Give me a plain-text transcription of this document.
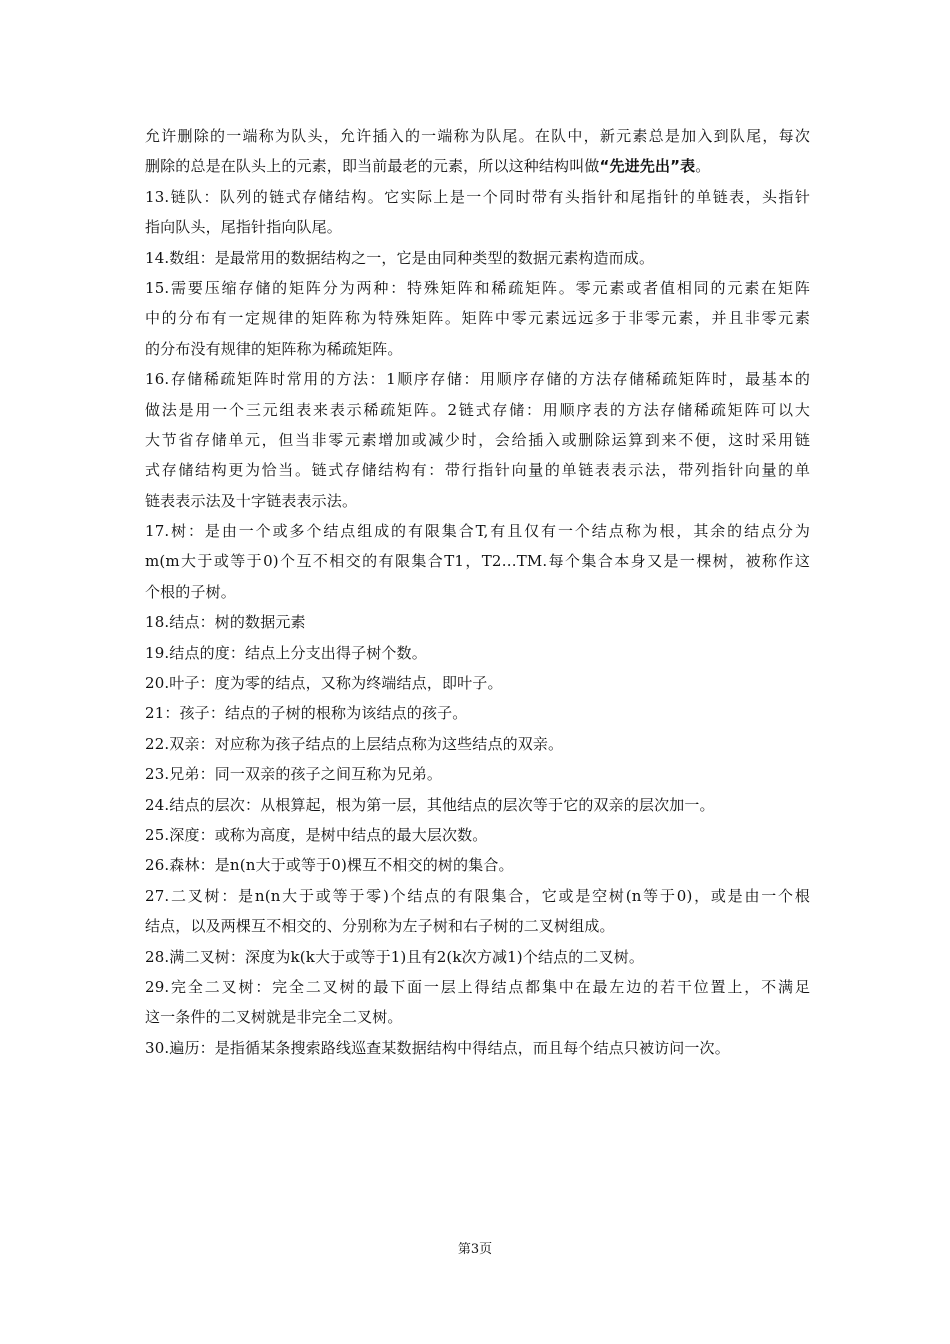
允许删除的一端称为队头，允许插入的一端称为队尾。在队中，新元素总是加入到队尾，每次
删除的总是在队头上的元素，即当前最老的元素，所以这种结构叫做“先进先出”表。
13.链队：队列的链式存储结构。它实际上是一个同时带有头指针和尾指针的单链表，头指针
指向队头，尾指针指向队尾。
14.数组：是最常用的数据结构之一，它是由同种类型的数据元素构造而成。
15.需要压缩存储的矩阵分为两种：特殊矩阵和稀疏矩阵。零元素或者值相同的元素在矩阵
中的分布有一定规律的矩阵称为特殊矩阵。矩阵中零元素远远多于非零元素，并且非零元素
的分布没有规律的矩阵称为稀疏矩阵。
16.存储稀疏矩阵时常用的方法：1顺序存储：用顺序存储的方法存储稀疏矩阵时，最基本的
做法是用一个三元组表来表示稀疏矩阵。2链式存储：用顺序表的方法存储稀疏矩阵可以大
大节省存储单元，但当非零元素增加或减少时，会给插入或删除运算到来不便，这时采用链
式存储结构更为恰当。链式存储结构有：带行指针向量的单链表表示法，带列指针向量的单
链表表示法及十字链表表示法。
17.树：是由一个或多个结点组成的有限集合T,有且仅有一个结点称为根，其余的结点分为
m(m大于或等于0)个互不相交的有限集合T1，T2…TM.每个集合本身又是一棵树，被称作这
个根的子树。
18.结点：树的数据元素
19.结点的度：结点上分支出得子树个数。
20.叶子：度为零的结点，又称为终端结点，即叶子。
21：孩子：结点的子树的根称为该结点的孩子。
22.双亲：对应称为孩子结点的上层结点称为这些结点的双亲。
23.兄弟：同一双亲的孩子之间互称为兄弟。
24.结点的层次：从根算起，根为第一层，其他结点的层次等于它的双亲的层次加一。
25.深度：或称为高度，是树中结点的最大层次数。
26.森林：是n(n大于或等于0)棵互不相交的树的集合。
27.二叉树：是n(n大于或等于零)个结点的有限集合，它或是空树(n等于0)，或是由一个根
结点，以及两棵互不相交的、分别称为左子树和右子树的二叉树组成。
28.满二叉树：深度为k(k大于或等于1)且有2(k次方减1)个结点的二叉树。
29.完全二叉树：完全二叉树的最下面一层上得结点都集中在最左边的若干位置上，不满足
这一条件的二叉树就是非完全二叉树。
30.遍历：是指循某条搜索路线巡查某数据结构中得结点，而且每个结点只被访问一次。
第3页
